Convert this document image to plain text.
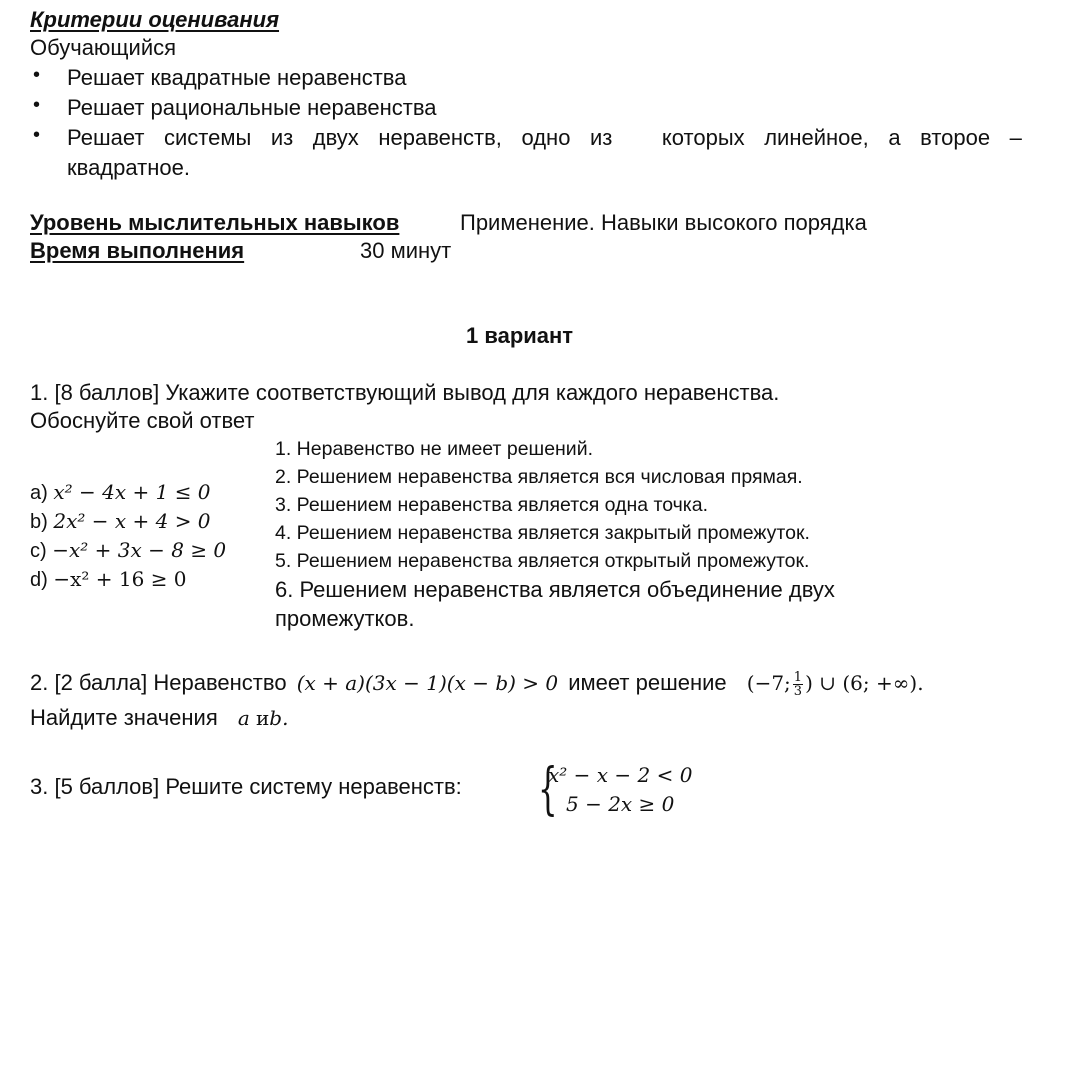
Критерии оценивания
Обучающийся
• Решает квадратные неравенства
• Решает рациональные неравенства
• Решает системы из двух неравенств, одно из которых линейное, а второе –
квадратное.
Уровень мыслительных навыков	Применение. Навыки высокого порядка
Время выполнения	30 минут
1 вариант
1. [8 баллов] Укажите соответствующий вывод для каждого неравенства.
Обоснуйте свой ответ
a) x² − 4x + 1 ≤ 0
b) 2x² − x + 4 > 0
c) −x² + 3x − 8 ≥ 0
d) −x² + 16 ≥ 0
1. Неравенство не имеет решений.
2. Решением неравенства является вся числовая прямая.
3. Решением неравенства является одна точка.
4. Решением неравенства является закрытый промежуток.
5. Решением неравенства является открытый промежуток.
6. Решением неравенства является объединение двух
промежутков.
2. [2 балла] Неравенство (x + a)(3x − 1)(x − b) > 0 имеет решение (−7; $\frac{1}{3}$ ) ∪ (6; +∞).
Найдите значения a иb.
3. [5 баллов] Решите систему неравенств: {
x² − x − 2 < 0
5 − 2x ≥ 0
